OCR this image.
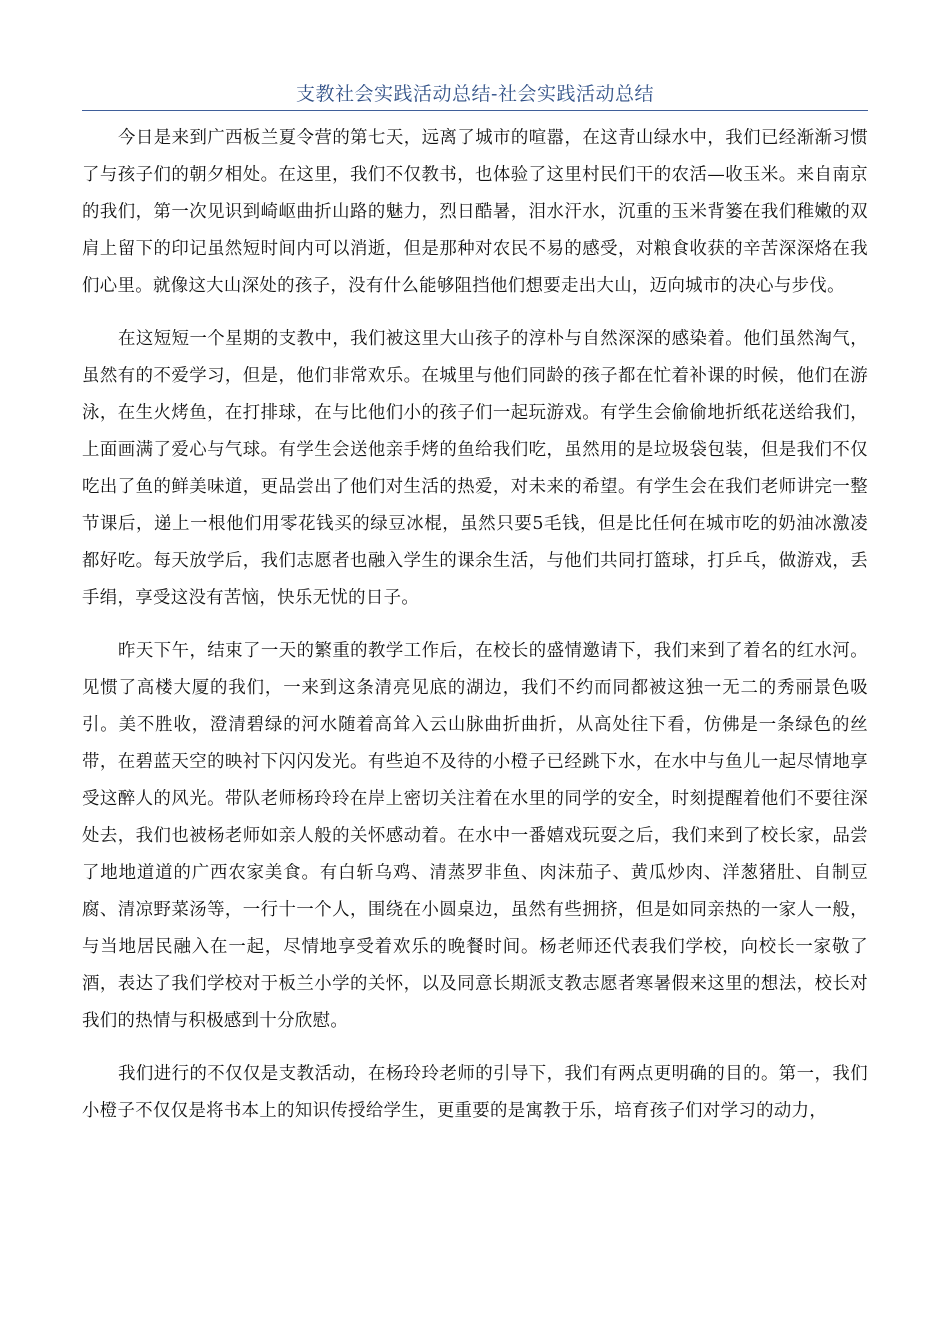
支教社会实践活动总结-社会实践活动总结

今日是来到广西板兰夏令营的第七天，远离了城市的喧嚣，在这青山绿水中，我们已经渐渐习惯了与孩子们的朝夕相处。在这里，我们不仅教书，也体验了这里村民们干的农活—收玉米。来自南京的我们，第一次见识到崎岖曲折山路的魅力，烈日酷暑，泪水汗水，沉重的玉米背篓在我们稚嫩的双肩上留下的印记虽然短时间内可以消逝，但是那种对农民不易的感受，对粮食收获的辛苦深深烙在我们心里。就像这大山深处的孩子，没有什么能够阻挡他们想要走出大山，迈向城市的决心与步伐。

在这短短一个星期的支教中，我们被这里大山孩子的淳朴与自然深深的感染着。他们虽然淘气，虽然有的不爱学习，但是，他们非常欢乐。在城里与他们同龄的孩子都在忙着补课的时候，他们在游泳，在生火烤鱼，在打排球，在与比他们小的孩子们一起玩游戏。有学生会偷偷地折纸花送给我们，上面画满了爱心与气球。有学生会送他亲手烤的鱼给我们吃，虽然用的是垃圾袋包装，但是我们不仅吃出了鱼的鲜美味道，更品尝出了他们对生活的热爱，对未来的希望。有学生会在我们老师讲完一整节课后，递上一根他们用零花钱买的绿豆冰棍，虽然只要5毛钱，但是比任何在城市吃的奶油冰激凌都好吃。每天放学后，我们志愿者也融入学生的课余生活，与他们共同打篮球，打乒乓，做游戏，丢手绢，享受这没有苦恼，快乐无忧的日子。

昨天下午，结束了一天的繁重的教学工作后，在校长的盛情邀请下，我们来到了着名的红水河。见惯了高楼大厦的我们，一来到这条清亮见底的湖边，我们不约而同都被这独一无二的秀丽景色吸引。美不胜收，澄清碧绿的河水随着高耸入云山脉曲折曲折，从高处往下看，仿佛是一条绿色的丝带，在碧蓝天空的映衬下闪闪发光。有些迫不及待的小橙子已经跳下水，在水中与鱼儿一起尽情地享受这醉人的风光。带队老师杨玲玲在岸上密切关注着在水里的同学的安全，时刻提醒着他们不要往深处去，我们也被杨老师如亲人般的关怀感动着。在水中一番嬉戏玩耍之后，我们来到了校长家，品尝了地地道道的广西农家美食。有白斩乌鸡、清蒸罗非鱼、肉沫茄子、黄瓜炒肉、洋葱猪肚、自制豆腐、清凉野菜汤等，一行十一个人，围绕在小圆桌边，虽然有些拥挤，但是如同亲热的一家人一般，与当地居民融入在一起，尽情地享受着欢乐的晚餐时间。杨老师还代表我们学校，向校长一家敬了酒，表达了我们学校对于板兰小学的关怀，以及同意长期派支教志愿者寒暑假来这里的想法，校长对我们的热情与积极感到十分欣慰。

我们进行的不仅仅是支教活动，在杨玲玲老师的引导下，我们有两点更明确的目的。第一，我们小橙子不仅仅是将书本上的知识传授给学生，更重要的是寓教于乐，培育孩子们对学习的动力，
